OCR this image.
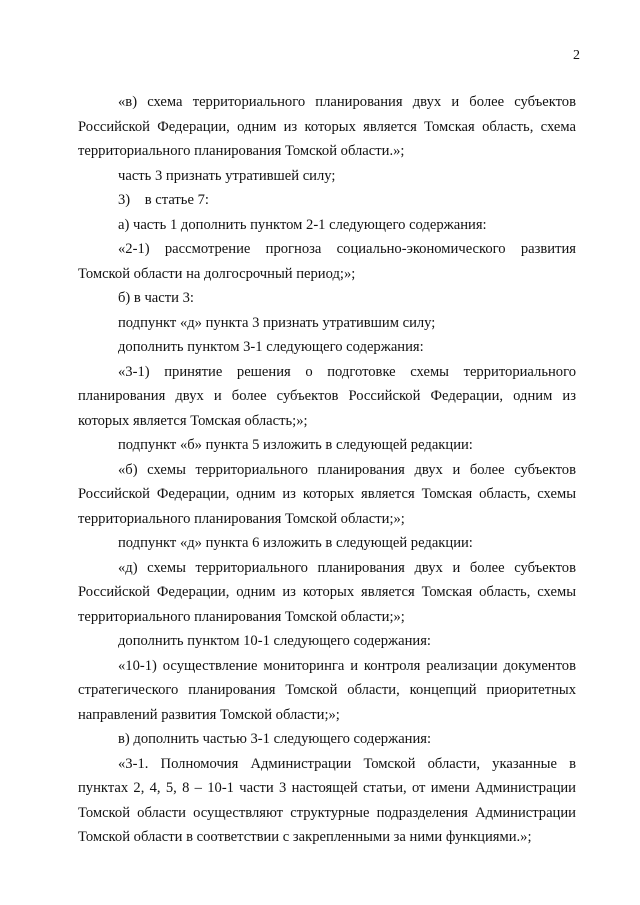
2

«в) схема территориального планирования двух и более субъектов Российской Федерации, одним из которых является Томская область, схема территориального планирования Томской области.»;

часть 3 признать утратившей силу;

3)    в статье 7:

а) часть 1 дополнить пунктом 2-1 следующего содержания:

«2-1) рассмотрение прогноза социально-экономического развития Томской области на долгосрочный период;»;

б) в части 3:

подпункт «д» пункта 3 признать утратившим силу;

дополнить пунктом 3-1 следующего содержания:

«3-1) принятие решения о подготовке схемы территориального планирования двух и более субъектов Российской Федерации, одним из которых является Томская область;»;

подпункт «б» пункта 5 изложить в следующей редакции:

«б) схемы территориального планирования двух и более субъектов Российской Федерации, одним из которых является Томская область, схемы территориального планирования Томской области;»;

подпункт «д» пункта 6 изложить в следующей редакции:

«д) схемы территориального планирования двух и более субъектов Российской Федерации, одним из которых является Томская область, схемы территориального планирования Томской области;»;

дополнить пунктом 10-1 следующего содержания:

«10-1) осуществление мониторинга и контроля реализации документов стратегического планирования Томской области, концепций приоритетных направлений развития Томской области;»;

в) дополнить частью 3-1 следующего содержания:

«3-1. Полномочия Администрации Томской области, указанные в пунктах 2, 4, 5, 8 – 10-1 части 3 настоящей статьи, от имени Администрации Томской области осуществляют структурные подразделения Администрации Томской области в соответствии с закрепленными за ними функциями.»;
